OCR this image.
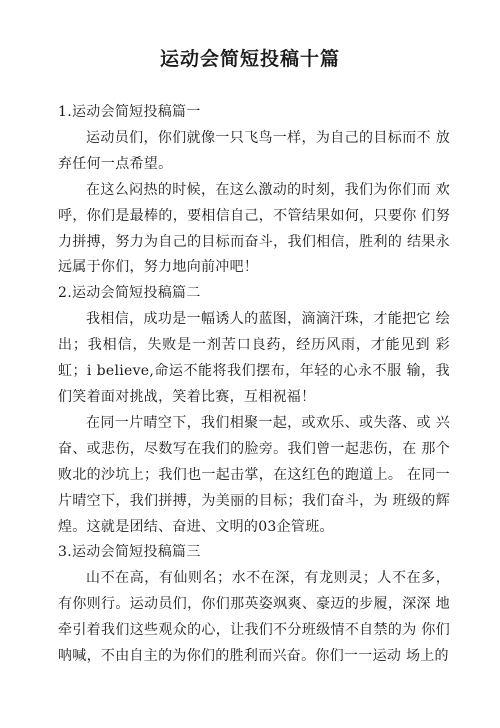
运动会简短投稿十篇

1.运动会简短投稿篇一

运动员们，你们就像一只飞鸟一样，为自己的目标而不 放弃任何一点希望。

在这么闷热的时候，在这么激动的时刻，我们为你们而 欢呼，你们是最棒的，要相信自己，不管结果如何，只要你 们努力拼搏，努力为自己的目标而奋斗，我们相信，胜利的 结果永远属于你们，努力地向前冲吧！

2.运动会简短投稿篇二

我相信，成功是一幅诱人的蓝图，滴滴汗珠，才能把它 绘出；我相信，失败是一剂苦口良药，经历风雨，才能见到 彩虹；i believe,命运不能将我们摆布，年轻的心永不服 输，我们笑着面对挑战，笑着比赛，互相祝福！

在同一片晴空下，我们相聚一起，或欢乐、或失落、或 兴奋、或悲伤，尽数写在我们的脸旁。我们曾一起悲伤，在 那个败北的沙坑上；我们也一起击掌，在这红色的跑道上。 在同一片晴空下，我们拼搏，为美丽的目标；我们奋斗，为 班级的辉煌。这就是团结、奋进、文明的03企管班。

3.运动会简短投稿篇三

山不在高，有仙则名；水不在深，有龙则灵；人不在多，有你则行。运动员们，你们那英姿飒爽、豪迈的步履，深深 地牵引着我们这些观众的心，让我们不分班级情不自禁的为 你们呐喊，不由自主的为你们的胜利而兴奋。你们一一运动 场上的
